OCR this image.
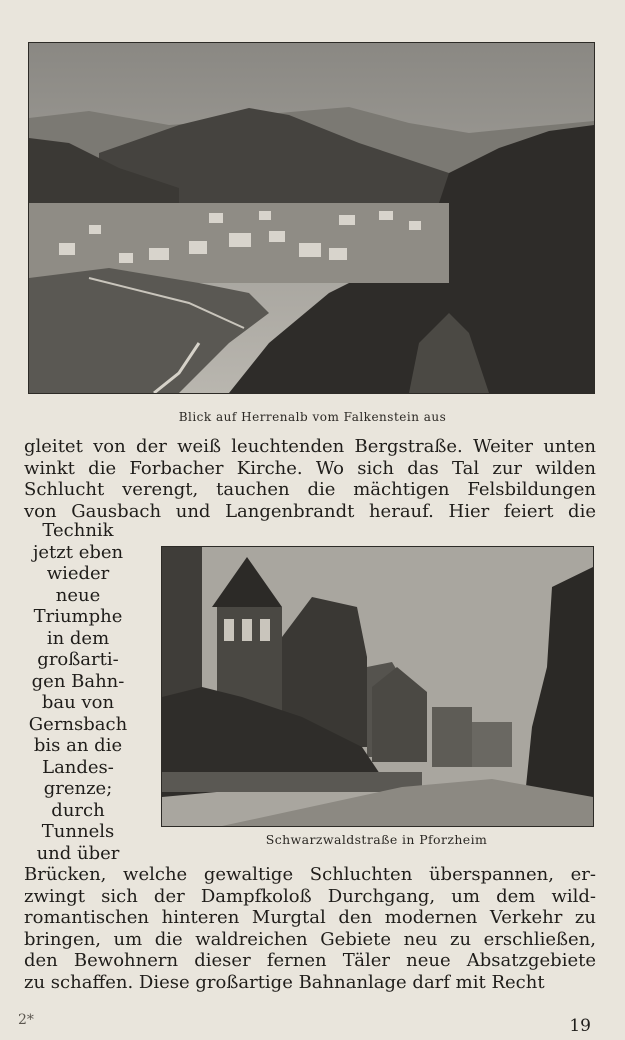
Blick auf Herrenalb vom Falkenstein aus
gleitet von der weiß leuchtenden Bergstraße. Weiter unten
winkt die Forbacher Kirche. Wo sich das Tal zur wilden
Schlucht verengt, tauchen die mächtigen Felsbildungen
von Gausbach und Langenbrandt herauf. Hier feiert die
Technik
jetzt eben
wieder
neue
Triumphe
in dem
großarti-
gen Bahn-
bau von
Gernsbach
bis an die
Landes-
grenze;
durch
Tunnels
und über
Schwarzwaldstraße in Pforzheim
Brücken, welche gewaltige Schluchten überspannen, er-
zwingt sich der Dampfkoloß Durchgang, um dem wild-
romantischen hinteren Murgtal den modernen Verkehr zu
bringen, um die waldreichen Gebiete neu zu erschließen,
den Bewohnern dieser fernen Täler neue Absatzgebiete
zu schaffen. Diese großartige Bahnanlage darf mit Recht
2*	19
